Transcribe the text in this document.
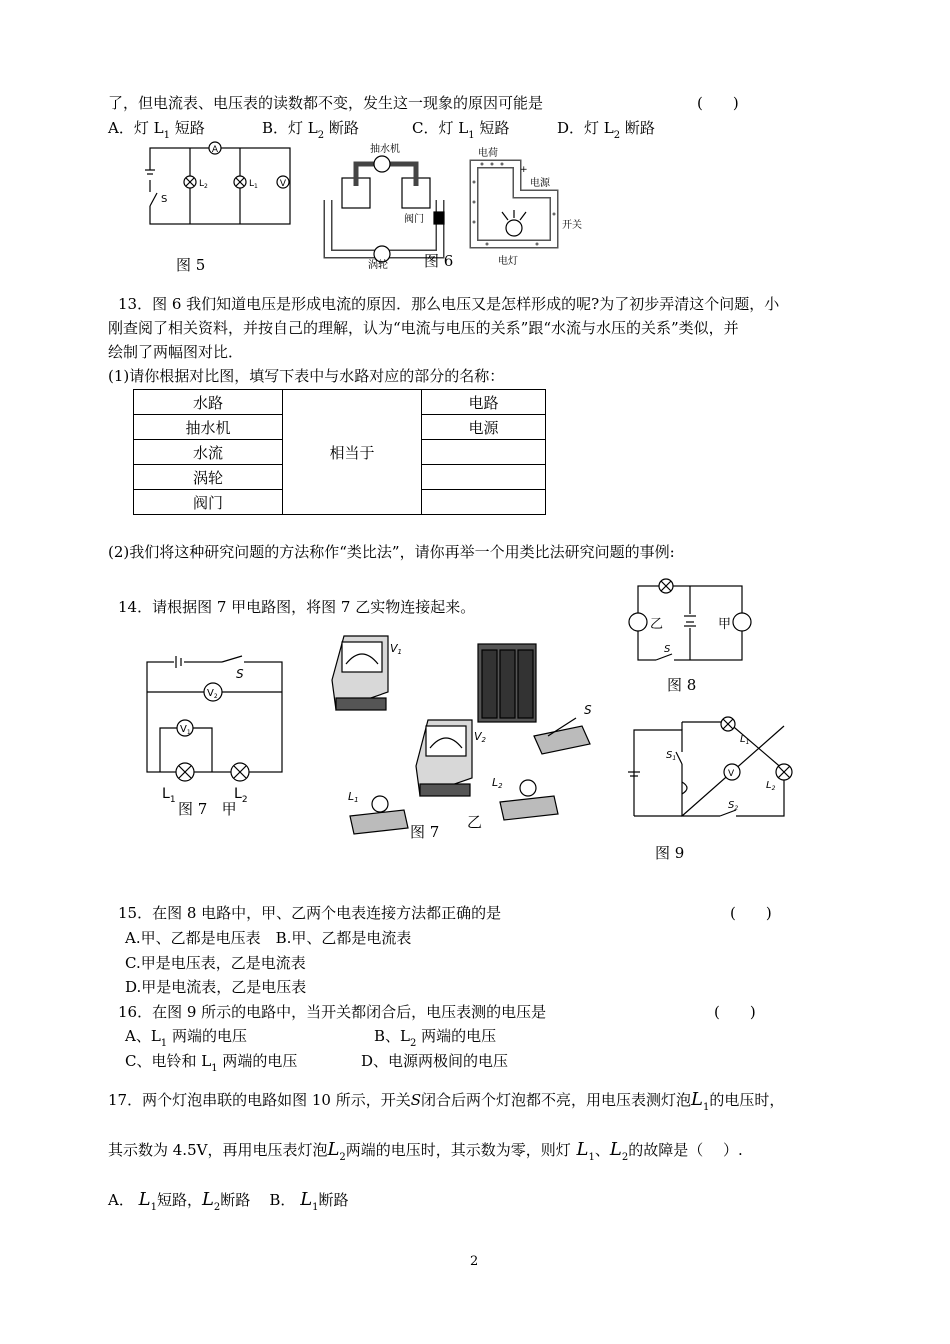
了，但电流表、电压表的读数都不变，发生这一现象的原因可能是	(　　)
A．灯 $L_1$ 短路	B．灯 $L_2$ 断路	C．灯 $L_1$ 短路	D．灯 $L_2$ 断路
A
V
S
$L_2$	$L_1$
图 5
抽水机
阀门
涡轮
电荷
+
电源
开关
电灯
图 6
13．图 6 我们知道电压是形成电流的原因．那么电压又是怎样形成的呢?为了初步弄清这个问题，小
刚查阅了相关资料，并按自己的理解，认为“电流与电压的关系”跟“水流与水压的关系”类似，并
绘制了两幅图对比．
(1)请你根据对比图，填写下表中与水路对应的部分的名称：
水路	相当于	电路
抽水机		电源
水流		
涡轮		
阀门		
(2)我们将这种研究问题的方法称作“类比法”，请你再举一个用类比法研究问题的事例:
14．请根据图 7 甲电路图，将图 7 乙实物连接起来。
S
$V_2$
$V_1$
$L_1$	$L_2$
图 7 甲
V1
V2
S
L1
L2
图 7
乙
乙	甲
S
图 8
$S_1$
$S_2$
$L_1$
$L_2$
V
图 9
15．在图 8 电路中，甲、乙两个电表连接方法都正确的是	(　　)
A.甲、乙都是电压表　B.甲、乙都是电流表
C.甲是电压表，乙是电流表
D.甲是电流表，乙是电压表
16．在图 9 所示的电路中，当开关都闭合后，电压表测的电压是	(　　)
A、$L_1$ 两端的电压	B、$L_2$ 两端的电压
C、电铃和 $L_1$ 两端的电压	D、电源两极间的电压
17．两个灯泡串联的电路如图 10 所示，开关S闭合后两个灯泡都不亮，用电压表测灯泡$L_1$的电压时，
其示数为 4.5V，再用电压表灯泡$L_2$两端的电压时，其示数为零，则灯 $L_1$、$L_2$的故障是（　 ）.
A． $L_1$短路，$L_2$断路 B． $L_1$断路
2
